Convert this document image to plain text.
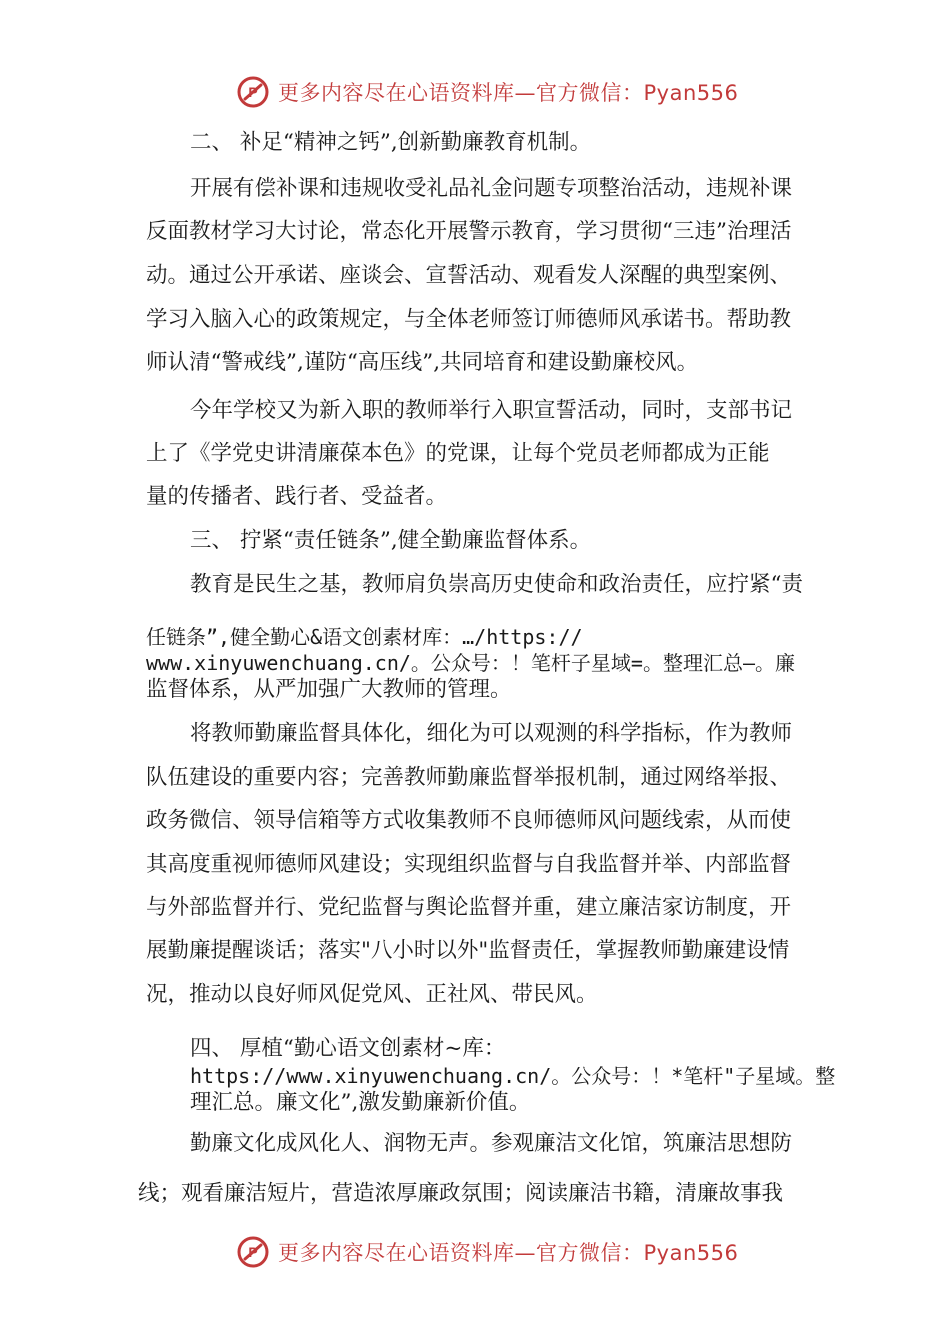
P 更多内容尽在心语资料库—官方微信：Pyan556
二、 补足“精神之钙”,创新勤廉教育机制。
开展有偿补课和违规收受礼品礼金问题专项整治活动，违规补课
反面教材学习大讨论，常态化开展警示教育，学习贯彻“三违”治理活
动。通过公开承诺、座谈会、宣誓活动、观看发人深醒的典型案例、
学习入脑入心的政策规定，与全体老师签订师德师风承诺书。帮助教
师认清“警戒线”,谨防“高压线”,共同培育和建设勤廉校风。
今年学校又为新入职的教师举行入职宣誓活动，同时，支部书记
上了《学党史讲清廉葆本色》的党课，让每个党员老师都成为正能
量的传播者、践行者、受益者。
三、 拧紧“责任链条”,健全勤廉监督体系。
教育是民生之基，教师肩负崇高历史使命和政治责任，应拧紧“责
任链条”,健全勤心&语文创素材库：…/https://
www.xinyuwenchuang.cn/。公众号：！笔杆子星域=。整理汇总—。廉
监督体系，从严加强广大教师的管理。
将教师勤廉监督具体化，细化为可以观测的科学指标，作为教师
队伍建设的重要内容；完善教师勤廉监督举报机制，通过网络举报、
政务微信、领导信箱等方式收集教师不良师德师风问题线索，从而使
其高度重视师德师风建设；实现组织监督与自我监督并举、内部监督
与外部监督并行、党纪监督与舆论监督并重，建立廉洁家访制度，开
展勤廉提醒谈话；落实"八小时以外"监督责任，掌握教师勤廉建设情
况，推动以良好师风促党风、正社风、带民风。
四、 厚植“勤心语文创素材~库：
https://www.xinyuwenchuang.cn/。公众号：！*笔杆"子星域。整
理汇总。廉文化”,激发勤廉新价值。
勤廉文化成风化人、润物无声。参观廉洁文化馆，筑廉洁思想防
线；观看廉洁短片，营造浓厚廉政氛围；阅读廉洁书籍，清廉故事我
P 更多内容尽在心语资料库—官方微信：Pyan556
